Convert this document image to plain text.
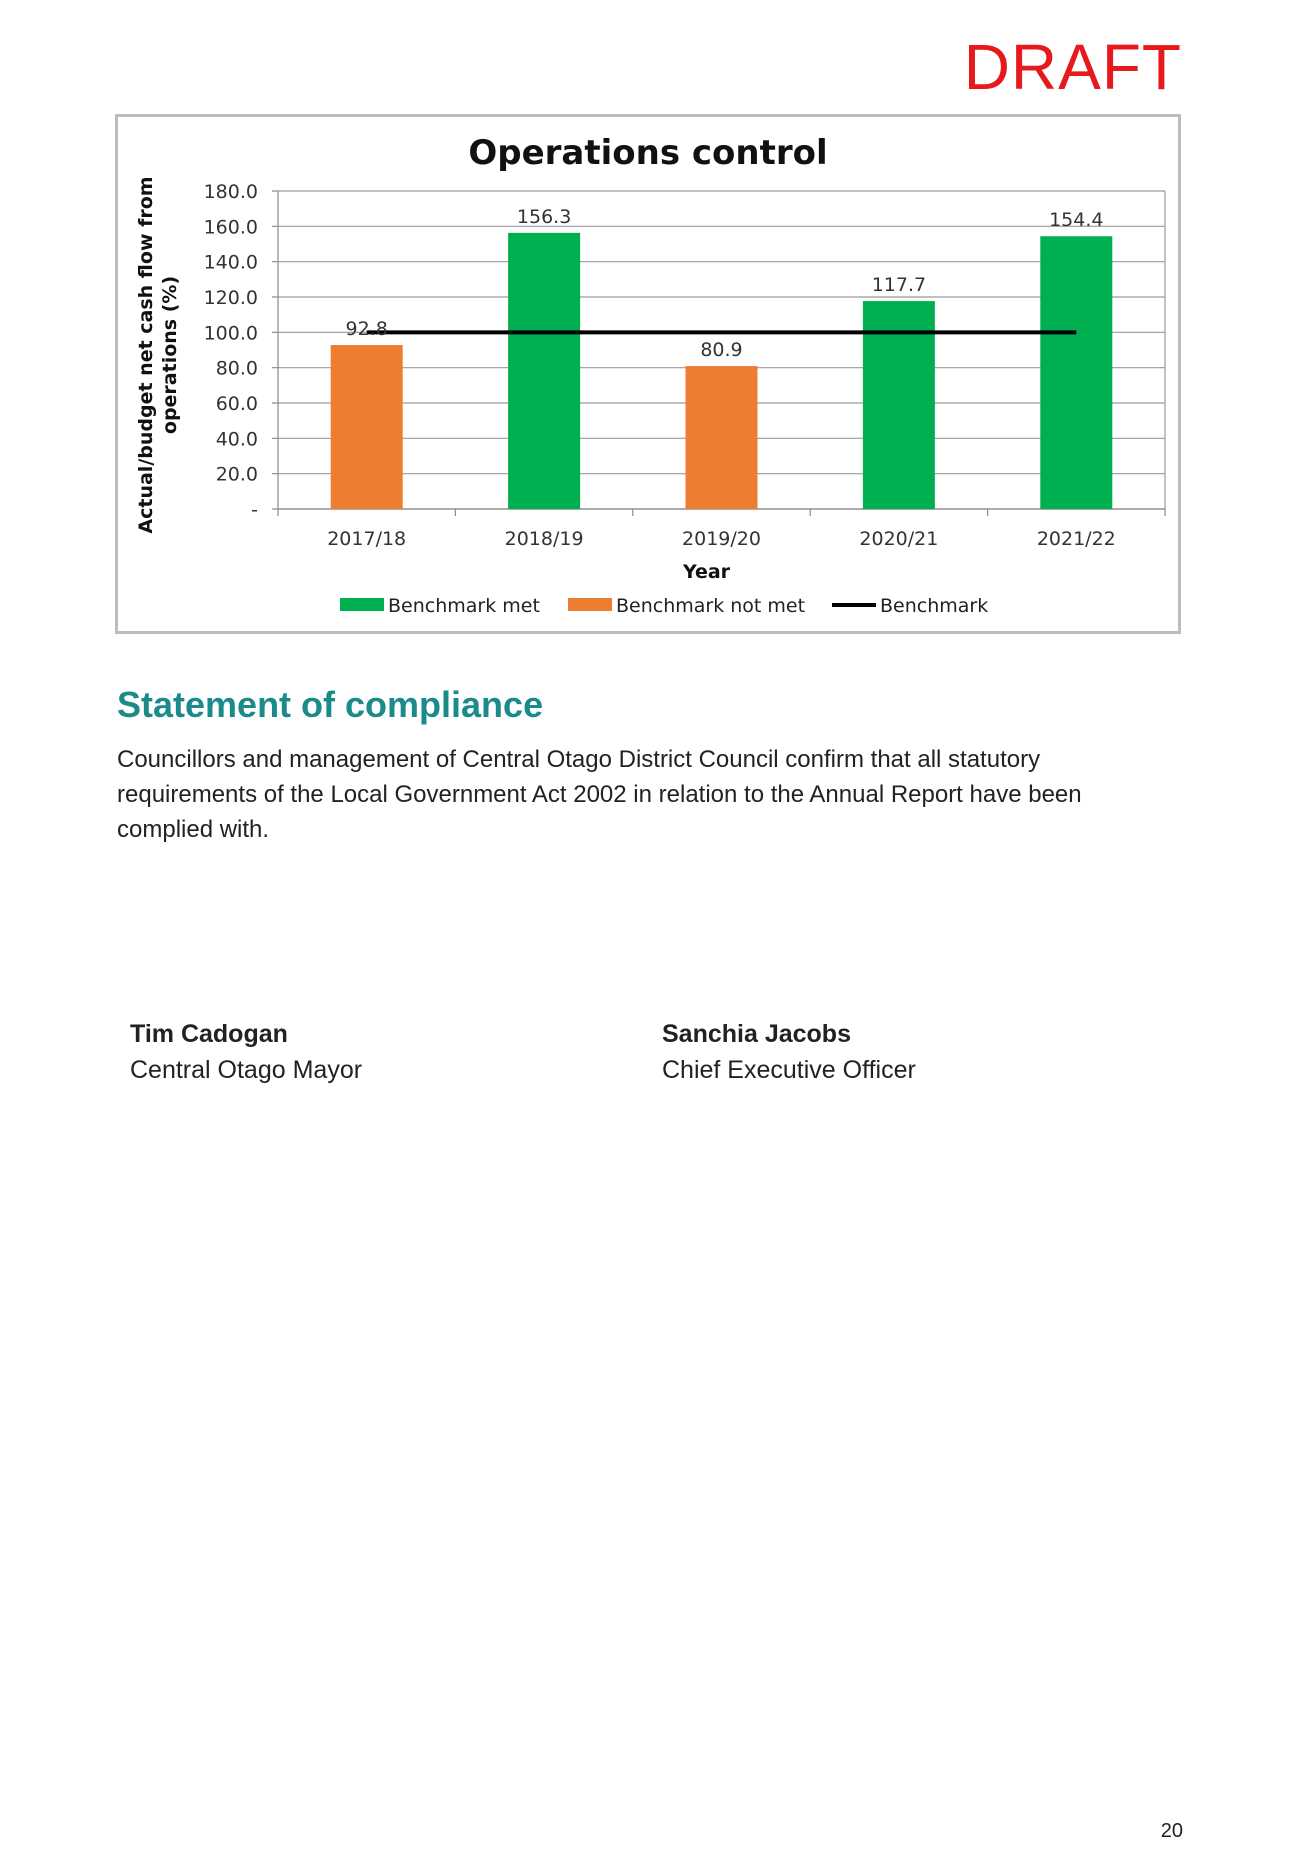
DRAFT
Operations control
-
20.0
40.0
60.0
80.0
100.0
120.0
140.0
160.0
180.0
2017/18	2018/19	2019/20	2020/21	2021/22
92.8
156.3
80.9
117.7
154.4
Year
Actual/budget net cash flow from operations (%)
Benchmark met	Benchmark not met	Benchmark
Statement of compliance

Councillors and management of Central Otago District Council confirm that all statutory requirements of the Local Government Act 2002 in relation to the Annual Report have been complied with.

Tim Cadogan
Central Otago Mayor
Sanchia Jacobs
Chief Executive Officer
20
